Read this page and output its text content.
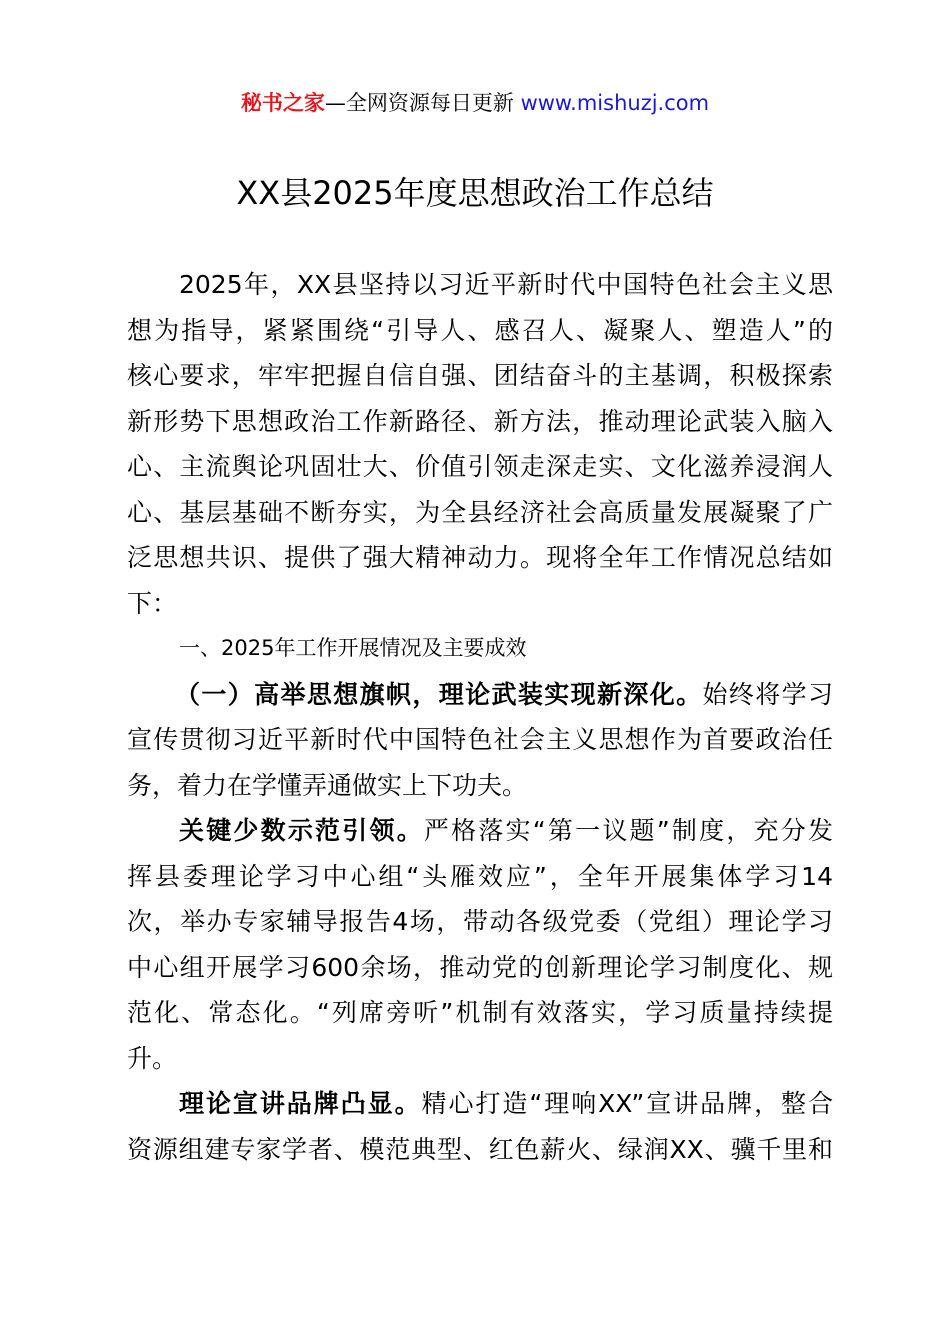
秘书之家—全网资源每日更新 www.mishuzj.com
XX县2025年度思想政治工作总结
2025年，XX县坚持以习近平新时代中国特色社会主义思
想为指导，紧紧围绕“引导人、感召人、凝聚人、塑造人”的
核心要求，牢牢把握自信自强、团结奋斗的主基调，积极探索
新形势下思想政治工作新路径、新方法，推动理论武装入脑入
心、主流舆论巩固壮大、价值引领走深走实、文化滋养浸润人
心、基层基础不断夯实，为全县经济社会高质量发展凝聚了广
泛思想共识、提供了强大精神动力。现将全年工作情况总结如
下：
一、2025年工作开展情况及主要成效
（一）高举思想旗帜，理论武装实现新深化。始终将学习
宣传贯彻习近平新时代中国特色社会主义思想作为首要政治任
务，着力在学懂弄通做实上下功夫。
关键少数示范引领。严格落实“第一议题”制度，充分发
挥县委理论学习中心组“头雁效应”，全年开展集体学习14
次，举办专家辅导报告4场，带动各级党委（党组）理论学习
中心组开展学习600余场，推动党的创新理论学习制度化、规
范化、常态化。“列席旁听”机制有效落实，学习质量持续提
升。
理论宣讲品牌凸显。精心打造“理响XX”宣讲品牌，整合
资源组建专家学者、模范典型、红色薪火、绿润XX、骥千里和
